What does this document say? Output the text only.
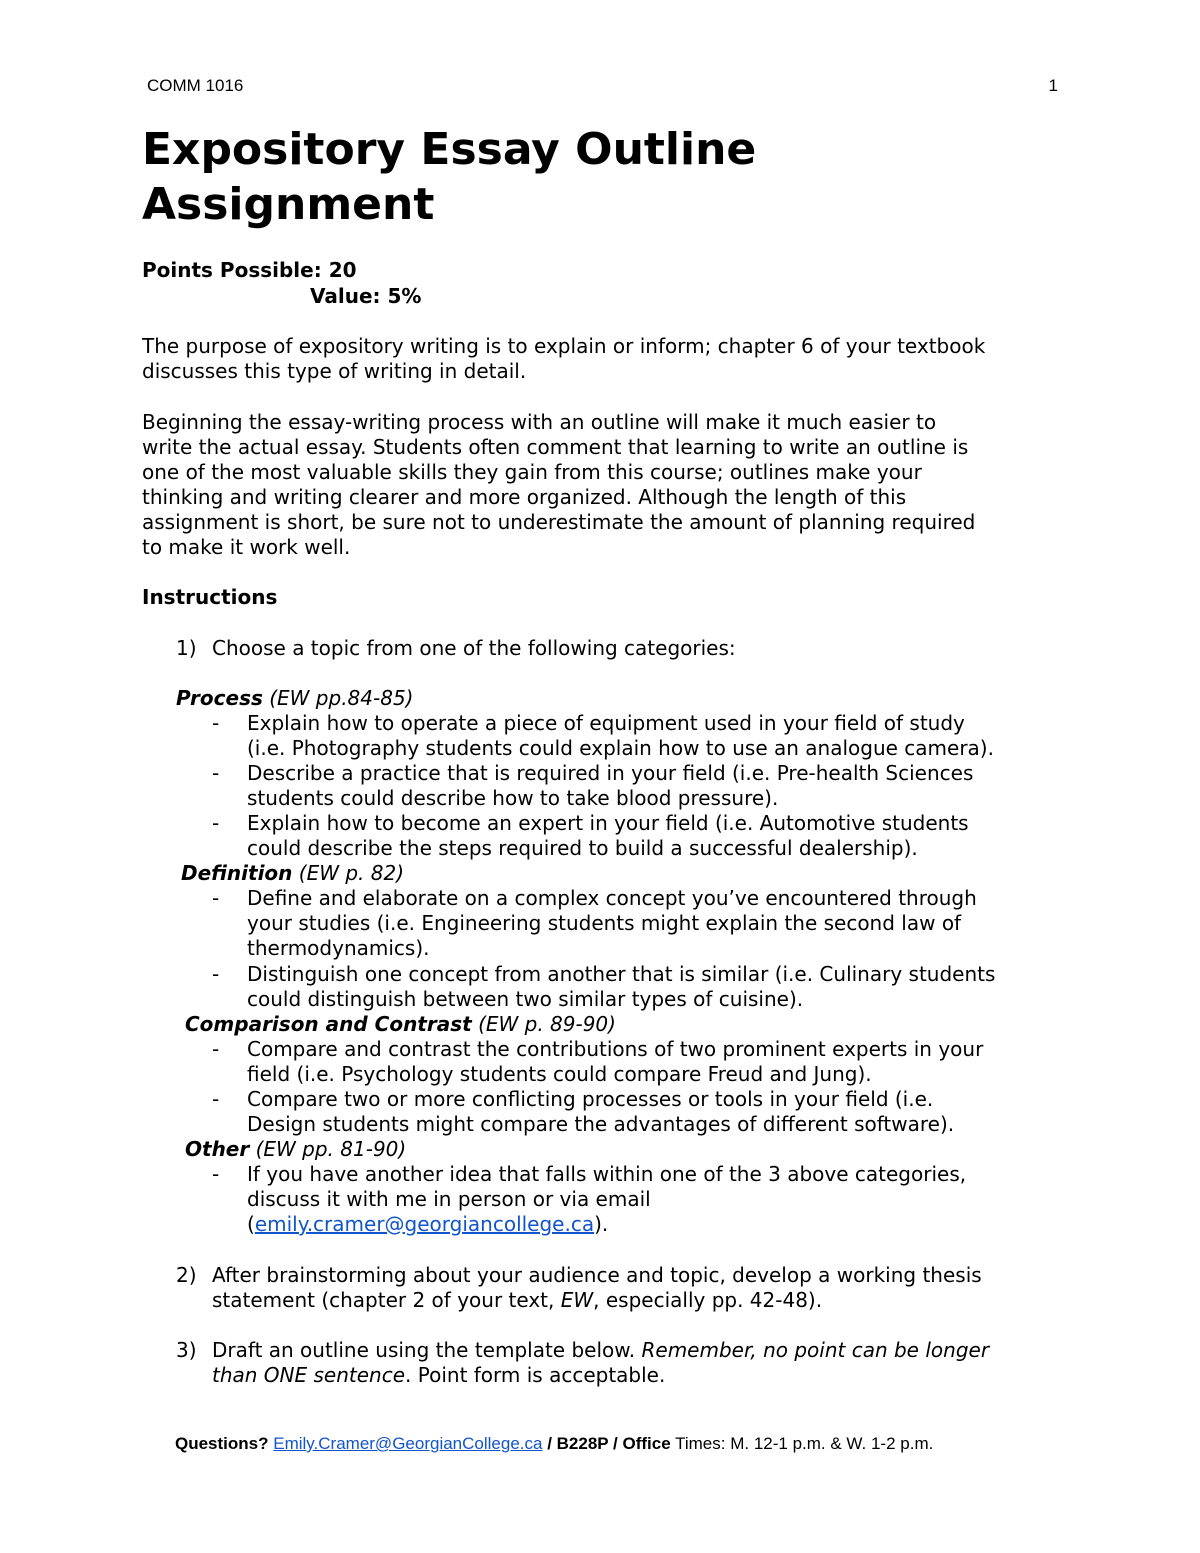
COMM 1016	1
Expository Essay Outline
Assignment
Points Possible: 20
Value: 5%
The purpose of expository writing is to explain or inform; chapter 6 of your textbook
discusses this type of writing in detail.
Beginning the essay-writing process with an outline will make it much easier to
write the actual essay. Students often comment that learning to write an outline is
one of the most valuable skills they gain from this course; outlines make your
thinking and writing clearer and more organized. Although the length of this
assignment is short, be sure not to underestimate the amount of planning required
to make it work well.
Instructions
1) Choose a topic from one of the following categories:
Process (EW pp.84-85)
- Explain how to operate a piece of equipment used in your field of study
(i.e. Photography students could explain how to use an analogue camera).
- Describe a practice that is required in your field (i.e. Pre-health Sciences
students could describe how to take blood pressure).
- Explain how to become an expert in your field (i.e. Automotive students
could describe the steps required to build a successful dealership).
Definition (EW p. 82)
- Define and elaborate on a complex concept you’ve encountered through
your studies (i.e. Engineering students might explain the second law of
thermodynamics).
- Distinguish one concept from another that is similar (i.e. Culinary students
could distinguish between two similar types of cuisine).
Comparison and Contrast (EW p. 89-90)
- Compare and contrast the contributions of two prominent experts in your
field (i.e. Psychology students could compare Freud and Jung).
- Compare two or more conflicting processes or tools in your field (i.e.
Design students might compare the advantages of different software).
Other (EW pp. 81-90)
- If you have another idea that falls within one of the 3 above categories,
discuss it with me in person or via email
(emily.cramer@georgiancollege.ca).
2) After brainstorming about your audience and topic, develop a working thesis
statement (chapter 2 of your text, EW, especially pp. 42-48).
3) Draft an outline using the template below. Remember, no point can be longer
than ONE sentence. Point form is acceptable.
Questions? Emily.Cramer@GeorgianCollege.ca / B228P / Office Times: M. 12-1 p.m. & W. 1-2 p.m.
